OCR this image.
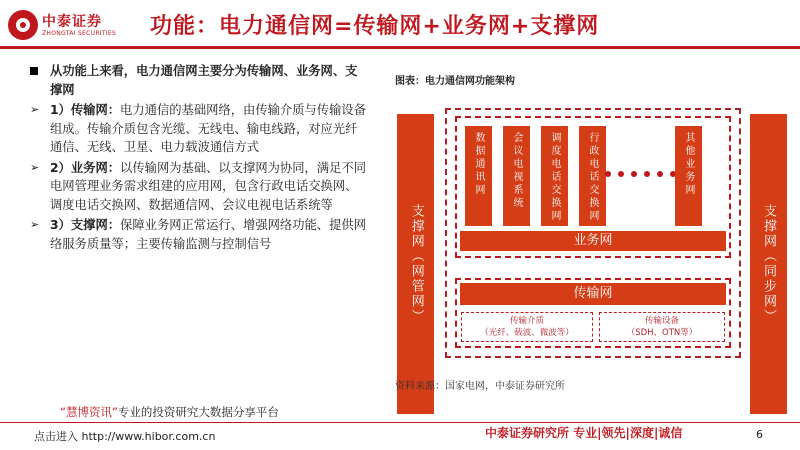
中泰证券
ZHONGTAI SECURITIES 功能：电力通信网=传输网+业务网+支撑网
从功能上来看，电力通信网主要分为传输网、业务网、支撑网
➢ 1）传输网：电力通信的基础网络，由传输介质与传输设备组成。传输介质包含光缆、无线电、输电线路，对应光纤通信、无线、卫星、电力载波通信方式
➢ 2）业务网：以传输网为基础、以支撑网为协同，满足不同电网管理业务需求组建的应用网，包含行政电话交换网、调度电话交换网、数据通信网、会议电视电话系统等
➢ 3）支撑网：保障业务网正常运行、增强网络功能、提供网络服务质量等；主要传输监测与控制信号
图表：电力通信网功能架构
支撑网（网管网）	支撑网（同步网）
数据通讯网	会议电视系统	调度电话交换网	行政电话交换网	其他业务网
业务网
传输网
传输介质
（光纤、载波、微波等）
传输设备
（SDH、OTN等）
资料来源：国家电网，中泰证券研究所
“慧博资讯”专业的投资研究大数据分享平台
点击进入 http://www.hibor.com.cn	中泰证券研究所 专业|领先|深度|诚信	6
